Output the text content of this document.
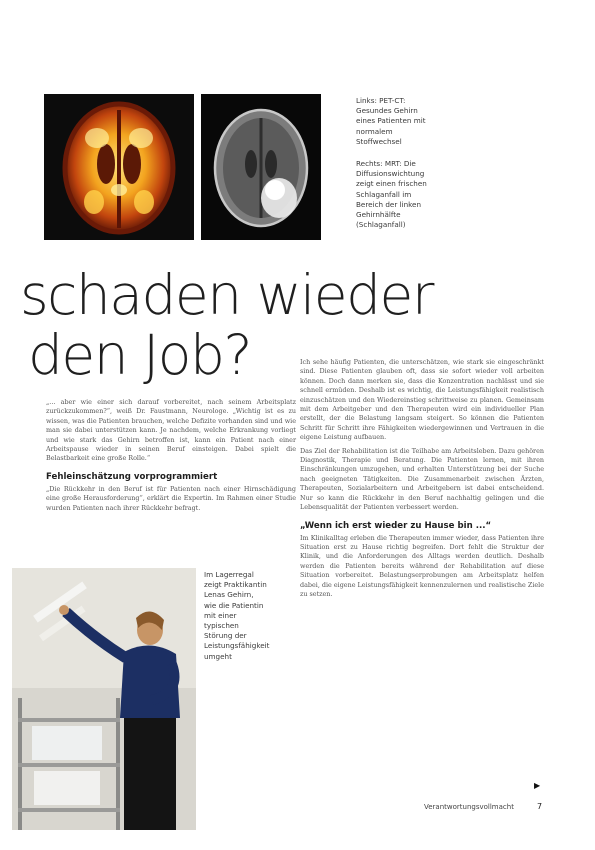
Links: PET-CT: Gesundes Gehirn eines Patienten mit normalem Stoffwechsel

Rechts: MRT: Die Diffusionswichtung zeigt einen frischen Schlaganfall im Bereich der linken Gehirnhälfte (Schlaganfall)

schaden wieder
den Job?

„... aber wie einer sich darauf vorbereitet, nach seinem Arbeitsplatz zurückzukommen?“, weiß Dr. Faustmann, Neurologe. „Wichtig ist es zu wissen, was die Patienten brauchen, welche Defizite vorhanden sind und wie man sie dabei unterstützen kann. Je nachdem, welche Erkrankung vorliegt und wie stark das Gehirn betroffen ist, kann ein Patient nach einer Arbeitspause wieder in seinen Beruf einsteigen. Dabei spielt die Belastbarkeit eine große Rolle.“

Fehleinschätzung vorprogrammiert

„Die Rückkehr in den Beruf ist für Patienten nach einer Hirnschädigung eine große Herausforderung“, erklärt die Expertin. Im Rahmen einer Studie wurden Patienten nach ihrer Rückkehr befragt.

Im Lagerregal zeigt Praktikantin Lenas Gehirn, wie die Patientin mit einer typischen Störung der Leistungsfähigkeit umgeht

Ich sehe häufig Patienten, die unterschätzen, wie stark sie eingeschränkt sind. Diese Patienten glauben oft, dass sie sofort wieder voll arbeiten können. Doch dann merken sie, dass die Konzentration nachlässt und sie schnell ermüden. Deshalb ist es wichtig, die Leistungsfähigkeit realistisch einzuschätzen und den Wiedereinstieg schrittweise zu planen. Gemeinsam mit dem Arbeitgeber und den Therapeuten wird ein individueller Plan erstellt, der die Belastung langsam steigert. So können die Patienten Schritt für Schritt ihre Fähigkeiten wiedergewinnen und Vertrauen in die eigene Leistung aufbauen.

Das Ziel der Rehabilitation ist die Teilhabe am Arbeitsleben. Dazu gehören Diagnostik, Therapie und Beratung. Die Patienten lernen, mit ihren Einschränkungen umzugehen, und erhalten Unterstützung bei der Suche nach geeigneten Tätigkeiten. Die Zusammenarbeit zwischen Ärzten, Therapeuten, Sozialarbeitern und Arbeitgebern ist dabei entscheidend. Nur so kann die Rückkehr in den Beruf nachhaltig gelingen und die Lebensqualität der Patienten verbessert werden.

„Wenn ich erst wieder zu Hause bin ...“

Im Klinikalltag erleben die Therapeuten immer wieder, dass Patienten ihre Situation erst zu Hause richtig begreifen. Dort fehlt die Struktur der Klinik, und die Anforderungen des Alltags werden deutlich. Deshalb werden die Patienten bereits während der Rehabilitation auf diese Situation vorbereitet. Belastungserprobungen am Arbeitsplatz helfen dabei, die eigene Leistungsfähigkeit kennenzulernen und realistische Ziele zu setzen.

▶
Verantwortungsvollmacht	7
